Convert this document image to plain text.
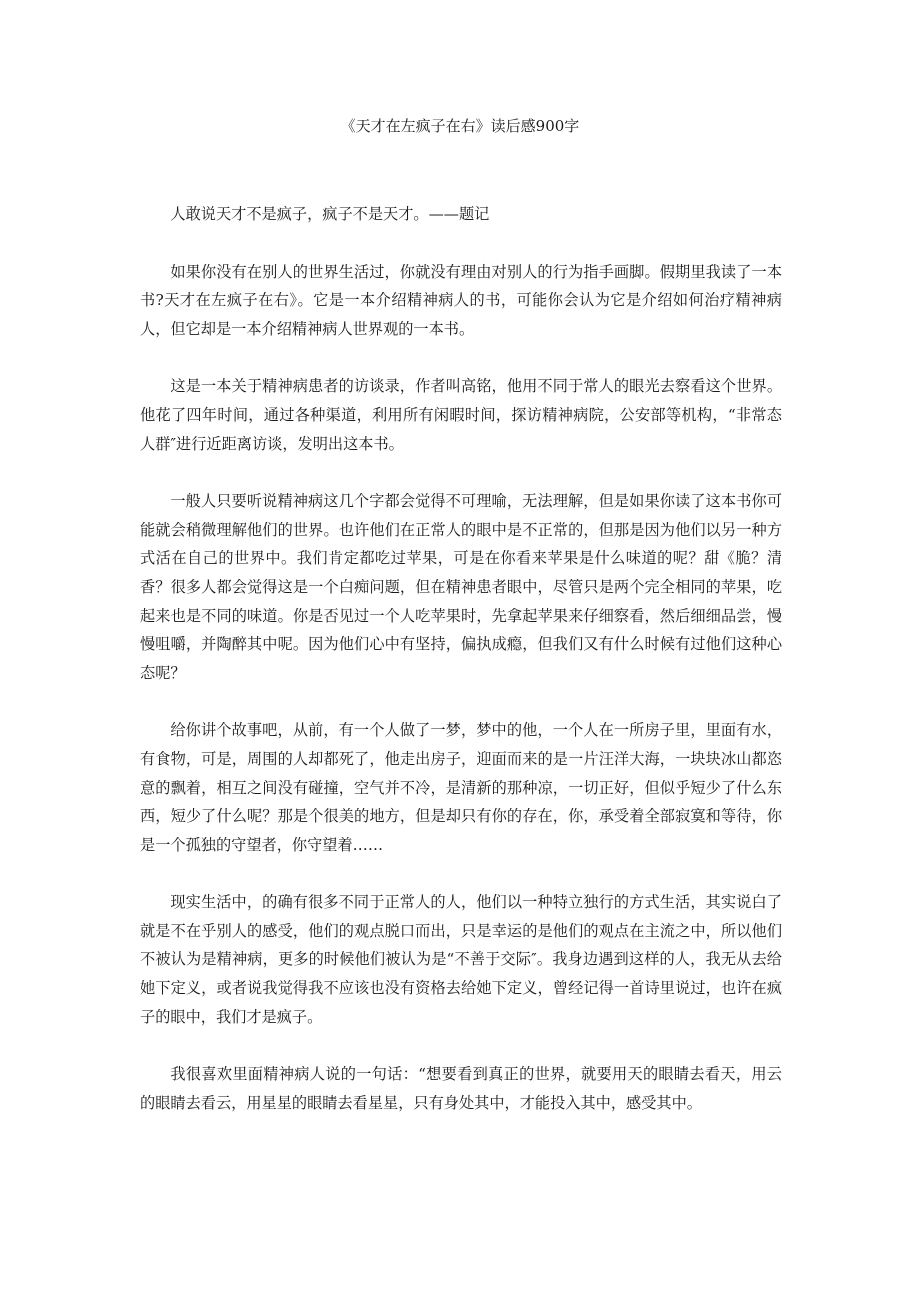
《天才在左疯子在右》读后感900字

人敢说天才不是疯子，疯子不是天才。——题记

如果你没有在别人的世界生活过，你就没有理由对别人的行为指手画脚。假期里我读了一本书?天才在左疯子在右》。它是一本介绍精神病人的书，可能你会认为它是介绍如何治疗精神病人，但它却是一本介绍精神病人世界观的一本书。

这是一本关于精神病患者的访谈录，作者叫高铭，他用不同于常人的眼光去察看这个世界。他花了四年时间，通过各种渠道，利用所有闲暇时间，探访精神病院，公安部等机构，“非常态人群″进行近距离访谈，发明出这本书。

一般人只要听说精神病这几个字都会觉得不可理喻，无法理解，但是如果你读了这本书你可能就会稍微理解他们的世界。也许他们在正常人的眼中是不正常的，但那是因为他们以另一种方式活在自己的世界中。我们肯定都吃过苹果，可是在你看来苹果是什么味道的呢？甜《脆？清香？很多人都会觉得这是一个白痴问题，但在精神患者眼中，尽管只是两个完全相同的苹果，吃起来也是不同的味道。你是否见过一个人吃苹果时，先拿起苹果来仔细察看，然后细细品尝，慢慢咀嚼，并陶醉其中呢。因为他们心中有坚持，偏执成瘾，但我们又有什么时候有过他们这种心态呢？

给你讲个故事吧，从前，有一个人做了一梦，梦中的他，一个人在一所房子里，里面有水，有食物，可是，周围的人却都死了，他走出房子，迎面而来的是一片汪洋大海，一块块冰山都恣意的飘着，相互之间没有碰撞，空气并不冷，是清新的那种凉，一切正好，但似乎短少了什么东西，短少了什么呢？那是个很美的地方，但是却只有你的存在，你，承受着全部寂寞和等待，你是一个孤独的守望者，你守望着……

现实生活中，的确有很多不同于正常人的人，他们以一种特立独行的方式生活，其实说白了就是不在乎别人的感受，他们的观点脱口而出，只是幸运的是他们的观点在主流之中，所以他们不被认为是精神病，更多的时候他们被认为是“不善于交际″。我身边遇到这样的人，我无从去给她下定义，或者说我觉得我不应该也没有资格去给她下定义，曾经记得一首诗里说过，也许在疯子的眼中，我们才是疯子。

我很喜欢里面精神病人说的一句话：“想要看到真正的世界，就要用天的眼睛去看天，用云的眼睛去看云，用星星的眼睛去看星星，只有身处其中，才能投入其中，感受其中。
